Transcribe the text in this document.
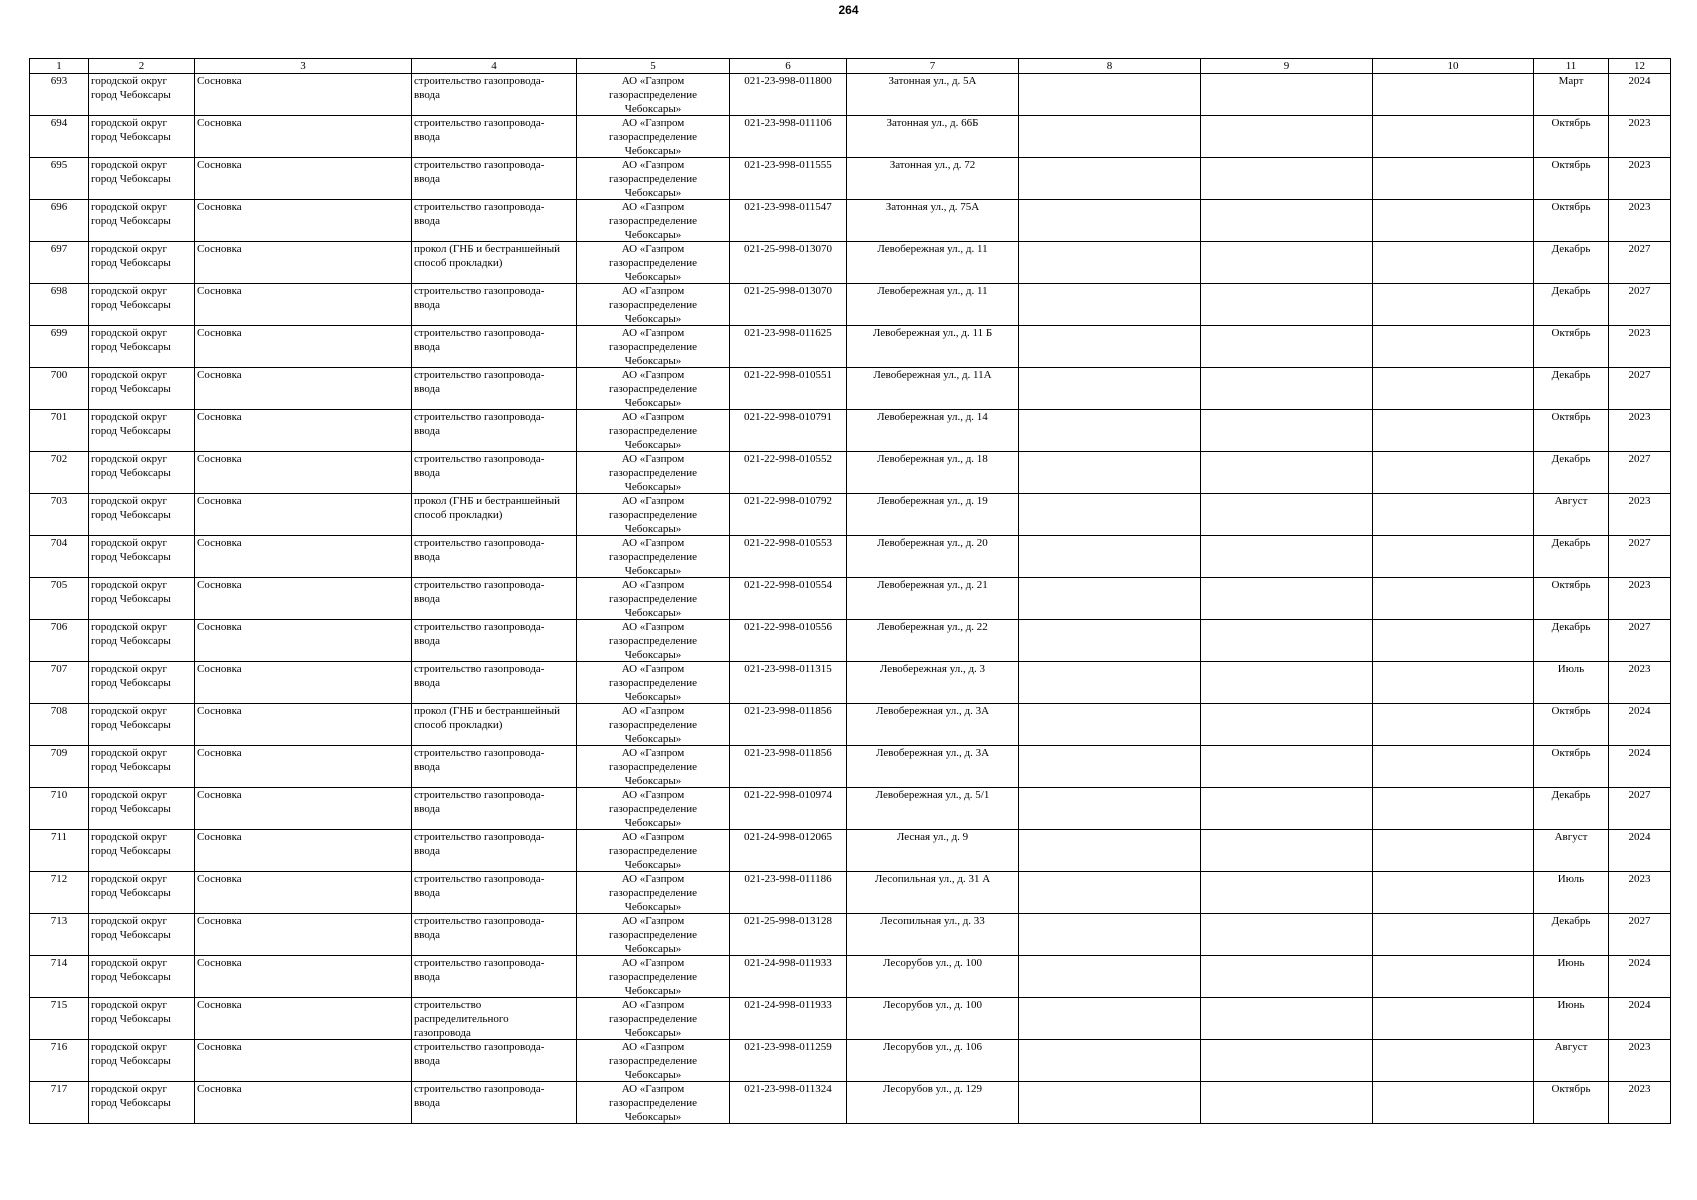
264
1	2	3	4	5	6	7	8	9	10	11	12

693	городской округ
город Чебоксары	Сосновка	строительство газопровода-
ввода	АО «Газпром
газораспределение
Чебоксары»	021-23-998-011800	Затонная ул., д. 5А				Март	2024

694	городской округ
город Чебоксары	Сосновка	строительство газопровода-
ввода	АО «Газпром
газораспределение
Чебоксары»	021-23-998-011106	Затонная ул., д. 66Б				Октябрь	2023

695	городской округ
город Чебоксары	Сосновка	строительство газопровода-
ввода	АО «Газпром
газораспределение
Чебоксары»	021-23-998-011555	Затонная ул., д. 72				Октябрь	2023

696	городской округ
город Чебоксары	Сосновка	строительство газопровода-
ввода	АО «Газпром
газораспределение
Чебоксары»	021-23-998-011547	Затонная ул., д. 75А				Октябрь	2023

697	городской округ
город Чебоксары	Сосновка	прокол (ГНБ и бестраншейный
способ прокладки)	АО «Газпром
газораспределение
Чебоксары»	021-25-998-013070	Левобережная ул., д. 11				Декабрь	2027

698	городской округ
город Чебоксары	Сосновка	строительство газопровода-
ввода	АО «Газпром
газораспределение
Чебоксары»	021-25-998-013070	Левобережная ул., д. 11				Декабрь	2027

699	городской округ
город Чебоксары	Сосновка	строительство газопровода-
ввода	АО «Газпром
газораспределение
Чебоксары»	021-23-998-011625	Левобережная ул., д. 11 Б				Октябрь	2023

700	городской округ
город Чебоксары	Сосновка	строительство газопровода-
ввода	АО «Газпром
газораспределение
Чебоксары»	021-22-998-010551	Левобережная ул., д. 11А				Декабрь	2027

701	городской округ
город Чебоксары	Сосновка	строительство газопровода-
ввода	АО «Газпром
газораспределение
Чебоксары»	021-22-998-010791	Левобережная ул., д. 14				Октябрь	2023

702	городской округ
город Чебоксары	Сосновка	строительство газопровода-
ввода	АО «Газпром
газораспределение
Чебоксары»	021-22-998-010552	Левобережная ул., д. 18				Декабрь	2027

703	городской округ
город Чебоксары	Сосновка	прокол (ГНБ и бестраншейный
способ прокладки)	АО «Газпром
газораспределение
Чебоксары»	021-22-998-010792	Левобережная ул., д. 19				Август	2023

704	городской округ
город Чебоксары	Сосновка	строительство газопровода-
ввода	АО «Газпром
газораспределение
Чебоксары»	021-22-998-010553	Левобережная ул., д. 20				Декабрь	2027

705	городской округ
город Чебоксары	Сосновка	строительство газопровода-
ввода	АО «Газпром
газораспределение
Чебоксары»	021-22-998-010554	Левобережная ул., д. 21				Октябрь	2023

706	городской округ
город Чебоксары	Сосновка	строительство газопровода-
ввода	АО «Газпром
газораспределение
Чебоксары»	021-22-998-010556	Левобережная ул., д. 22				Декабрь	2027

707	городской округ
город Чебоксары	Сосновка	строительство газопровода-
ввода	АО «Газпром
газораспределение
Чебоксары»	021-23-998-011315	Левобережная ул., д. 3				Июль	2023

708	городской округ
город Чебоксары	Сосновка	прокол (ГНБ и бестраншейный
способ прокладки)	АО «Газпром
газораспределение
Чебоксары»	021-23-998-011856	Левобережная ул., д. 3А				Октябрь	2024

709	городской округ
город Чебоксары	Сосновка	строительство газопровода-
ввода	АО «Газпром
газораспределение
Чебоксары»	021-23-998-011856	Левобережная ул., д. 3А				Октябрь	2024

710	городской округ
город Чебоксары	Сосновка	строительство газопровода-
ввода	АО «Газпром
газораспределение
Чебоксары»	021-22-998-010974	Левобережная ул., д. 5/1				Декабрь	2027

711	городской округ
город Чебоксары	Сосновка	строительство газопровода-
ввода	АО «Газпром
газораспределение
Чебоксары»	021-24-998-012065	Лесная ул., д. 9				Август	2024

712	городской округ
город Чебоксары	Сосновка	строительство газопровода-
ввода	АО «Газпром
газораспределение
Чебоксары»	021-23-998-011186	Лесопильная ул., д. 31 А				Июль	2023

713	городской округ
город Чебоксары	Сосновка	строительство газопровода-
ввода	АО «Газпром
газораспределение
Чебоксары»	021-25-998-013128	Лесопильная ул., д. 33				Декабрь	2027

714	городской округ
город Чебоксары	Сосновка	строительство газопровода-
ввода	АО «Газпром
газораспределение
Чебоксары»	021-24-998-011933	Лесорубов ул., д. 100				Июнь	2024

715	городской округ
город Чебоксары	Сосновка	строительство
распределительного
газопровода	АО «Газпром
газораспределение
Чебоксары»	021-24-998-011933	Лесорубов ул., д. 100				Июнь	2024

716	городской округ
город Чебоксары	Сосновка	строительство газопровода-
ввода	АО «Газпром
газораспределение
Чебоксары»	021-23-998-011259	Лесорубов ул., д. 106				Август	2023

717	городской округ
город Чебоксары	Сосновка	строительство газопровода-
ввода	АО «Газпром
газораспределение
Чебоксары»	021-23-998-011324	Лесорубов ул., д. 129				Октябрь	2023
